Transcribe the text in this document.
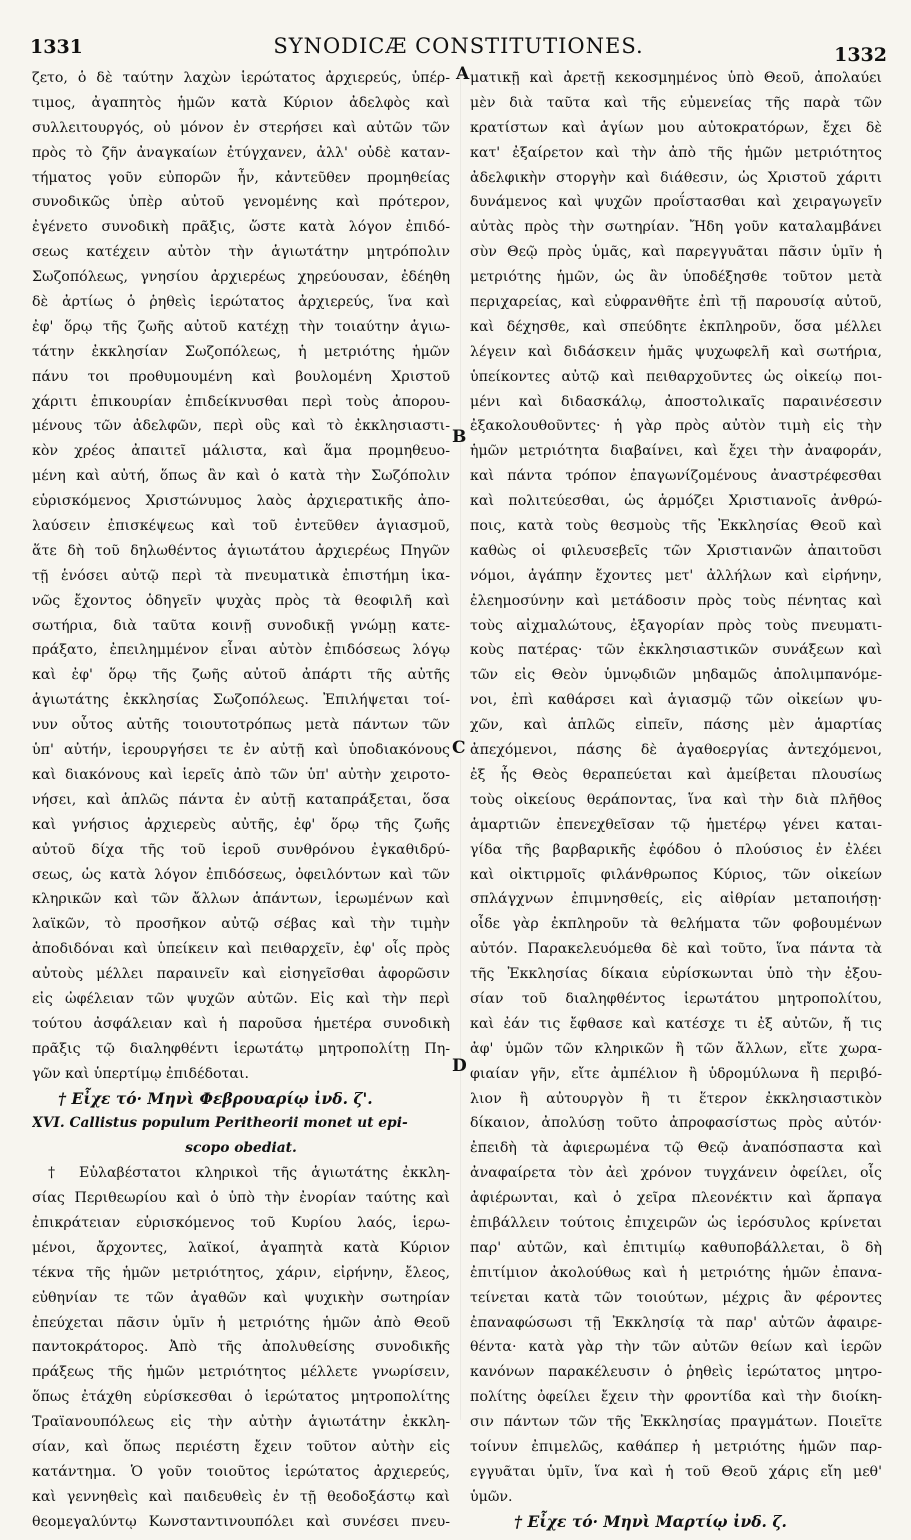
1331	SYNODICÆ CONSTITUTIONES.	1332
ζετο, ὁ δὲ ταύτην λαχὼν ἱερώτατος ἀρχιερεύς, ὑπέρ-
τιμος, ἀγαπητὸς ἡμῶν κατὰ Κύριον ἀδελφὸς καὶ
συλλειτουργός, οὐ μόνον ἐν στερήσει καὶ αὐτῶν τῶν
πρὸς τὸ ζῆν ἀναγκαίων ἐτύγχανεν, ἀλλ' οὐδὲ καταν-
τήματος γοῦν εὐπορῶν ἦν, κἀντεῦθεν προμηθείας
συνοδικῶς ὑπὲρ αὐτοῦ γενομένης καὶ πρότερον,
ἐγένετο συνοδικὴ πρᾶξις, ὥστε κατὰ λόγον ἐπιδό-
σεως κατέχειν αὐτὸν τὴν ἁγιωτάτην μητρόπολιν
Σωζοπόλεως, γνησίου ἀρχιερέως χηρεύουσαν, ἐδέηθη
δὲ ἀρτίως ὁ ῥηθεὶς ἱερώτατος ἀρχιερεύς, ἵνα καὶ
ἐφ' ὅρῳ τῆς ζωῆς αὐτοῦ κατέχῃ τὴν τοιαύτην ἁγιω-
τάτην ἐκκλησίαν Σωζοπόλεως, ἡ μετριότης ἡμῶν
πάνυ τοι προθυμουμένη καὶ βουλομένη Χριστοῦ
χάριτι ἐπικουρίαν ἐπιδείκνυσθαι περὶ τοὺς ἀπορου-
μένους τῶν ἀδελφῶν, περὶ οὓς καὶ τὸ ἐκκλησιαστι-
κὸν χρέος ἀπαιτεῖ μάλιστα, καὶ ἅμα προμηθευο-
μένη καὶ αὐτή, ὅπως ἂν καὶ ὁ κατὰ τὴν Σωζόπολιν
εὑρισκόμενος Χριστώνυμος λαὸς ἀρχιερατικῆς ἀπο-
λαύσειν ἐπισκέψεως καὶ τοῦ ἐντεῦθεν ἁγιασμοῦ,
ἅτε δὴ τοῦ δηλωθέντος ἁγιωτάτου ἀρχιερέως Πηγῶν
τῇ ἑνόσει αὐτῷ περὶ τὰ πνευματικὰ ἐπιστήμη ἱκα-
νῶς ἔχοντος ὁδηγεῖν ψυχὰς πρὸς τὰ θεοφιλῆ καὶ
σωτήρια, διὰ ταῦτα κοινῇ συνοδικῇ γνώμῃ κατε-
πράξατο, ἐπειλημμένον εἶναι αὐτὸν ἐπιδόσεως λόγῳ
καὶ ἐφ' ὅρῳ τῆς ζωῆς αὐτοῦ ἀπάρτι τῆς αὐτῆς
ἁγιωτάτης ἐκκλησίας Σωζοπόλεως. Ἐπιλήψεται τοί-
νυν οὗτος αὐτῆς τοιουτοτρόπως μετὰ πάντων τῶν
ὑπ' αὐτήν, ἱερουργήσει τε ἐν αὐτῇ καὶ ὑποδιακόνους
καὶ διακόνους καὶ ἱερεῖς ἀπὸ τῶν ὑπ' αὐτὴν χειροτο-
νήσει, καὶ ἁπλῶς πάντα ἐν αὐτῇ καταπράξεται, ὅσα
καὶ γνήσιος ἀρχιερεὺς αὐτῆς, ἐφ' ὅρῳ τῆς ζωῆς
αὐτοῦ δίχα τῆς τοῦ ἱεροῦ συνθρόνου ἐγκαθιδρύ-
σεως, ὡς κατὰ λόγον ἐπιδόσεως, ὀφειλόντων καὶ τῶν
κληρικῶν καὶ τῶν ἄλλων ἁπάντων, ἱερωμένων καὶ
λαϊκῶν, τὸ προσῆκον αὐτῷ σέβας καὶ τὴν τιμὴν
ἀποδιδόναι καὶ ὑπείκειν καὶ πειθαρχεῖν, ἐφ' οἷς πρὸς
αὐτοὺς μέλλει παραινεῖν καὶ εἰσηγεῖσθαι ἀφορῶσιν
εἰς ὠφέλειαν τῶν ψυχῶν αὐτῶν. Εἰς καὶ τὴν περὶ
τούτου ἀσφάλειαν καὶ ἡ παροῦσα ἡμετέρα συνοδικὴ
πρᾶξις τῷ διαληφθέντι ἱερωτάτῳ μητροπολίτῃ Πη-
γῶν καὶ ὑπερτίμῳ ἐπιδέδοται.
† Εἶχε τό· Μηνὶ Φεβρουαρίῳ ἰνδ. ζ'.
XVI. Callistus populum Peritheorii monet ut epi-
scopo obediat.
† Εὐλαβέστατοι κληρικοὶ τῆς ἁγιωτάτης ἐκκλη-
σίας Περιθεωρίου καὶ ὁ ὑπὸ τὴν ἐνορίαν ταύτης καὶ
ἐπικράτειαν εὑρισκόμενος τοῦ Κυρίου λαός, ἱερω-
μένοι, ἄρχοντες, λαϊκοί, ἀγαπητὰ κατὰ Κύριον
τέκνα τῆς ἡμῶν μετριότητος, χάριν, εἰρήνην, ἔλεος,
εὐθηνίαν τε τῶν ἀγαθῶν καὶ ψυχικὴν σωτηρίαν
ἐπεύχεται πᾶσιν ὑμῖν ἡ μετριότης ἡμῶν ἀπὸ Θεοῦ
παντοκράτορος. Ἀπὸ τῆς ἀπολυθείσης συνοδικῆς
πράξεως τῆς ἡμῶν μετριότητος μέλλετε γνωρίσειν,
ὅπως ἐτάχθη εὑρίσκεσθαι ὁ ἱερώτατος μητροπολίτης
Τραϊανουπόλεως εἰς τὴν αὐτὴν ἁγιωτάτην ἐκκλη-
σίαν, καὶ ὅπως περιέστη ἔχειν τοῦτον αὐτὴν εἰς
κατάντημα. Ὁ γοῦν τοιοῦτος ἱερώτατος ἀρχιερεύς,
καὶ γεννηθεὶς καὶ παιδευθεὶς ἐν τῇ θεοδοξάστῳ καὶ
θεομεγαλύντῳ Κωνσταντινουπόλει καὶ συνέσει πνευ-
ματικῇ καὶ ἀρετῇ κεκοσμημένος ὑπὸ Θεοῦ, ἀπολαύει
μὲν διὰ ταῦτα καὶ τῆς εὐμενείας τῆς παρὰ τῶν
κρατίστων καὶ ἁγίων μου αὐτοκρατόρων, ἔχει δὲ
κατ' ἐξαίρετον καὶ τὴν ἀπὸ τῆς ἡμῶν μετριότητος
ἀδελφικὴν στοργὴν καὶ διάθεσιν, ὡς Χριστοῦ χάριτι
δυνάμενος καὶ ψυχῶν προΐστασθαι καὶ χειραγωγεῖν
αὐτὰς πρὸς τὴν σωτηρίαν. Ἤδη γοῦν καταλαμβάνει
σὺν Θεῷ πρὸς ὑμᾶς, καὶ παρεγγυᾶται πᾶσιν ὑμῖν ἡ
μετριότης ἡμῶν, ὡς ἂν ὑποδέξησθε τοῦτον μετὰ
περιχαρείας, καὶ εὐφρανθῆτε ἐπὶ τῇ παρουσίᾳ αὐτοῦ,
καὶ δέχησθε, καὶ σπεύδητε ἐκπληροῦν, ὅσα μέλλει
λέγειν καὶ διδάσκειν ἡμᾶς ψυχωφελῆ καὶ σωτήρια,
ὑπείκοντες αὐτῷ καὶ πειθαρχοῦντες ὡς οἰκείῳ ποι-
μένι καὶ διδασκάλῳ, ἀποστολικαῖς παραινέσεσιν
ἐξακολουθοῦντες· ἡ γὰρ πρὸς αὐτὸν τιμὴ εἰς τὴν
ἡμῶν μετριότητα διαβαίνει, καὶ ἔχει τὴν ἀναφοράν,
καὶ πάντα τρόπον ἐπαγωνίζομένους ἀναστρέφεσθαι
καὶ πολιτεύεσθαι, ὡς ἁρμόζει Χριστιανοῖς ἀνθρώ-
ποις, κατὰ τοὺς θεσμοὺς τῆς Ἐκκλησίας Θεοῦ καὶ
καθὼς οἱ φιλευσεβεῖς τῶν Χριστιανῶν ἀπαιτοῦσι
νόμοι, ἀγάπην ἔχοντες μετ' ἀλλήλων καὶ εἰρήνην,
ἐλεημοσύνην καὶ μετάδοσιν πρὸς τοὺς πένητας καὶ
τοὺς αἰχμαλώτους, ἐξαγορίαν πρὸς τοὺς πνευματι-
κοὺς πατέρας· τῶν ἐκκλησιαστικῶν συνάξεων καὶ
τῶν εἰς Θεὸν ὑμνῳδιῶν μηδαμῶς ἀπολιμπανόμε-
νοι, ἐπὶ καθάρσει καὶ ἁγιασμῷ τῶν οἰκείων ψυ-
χῶν, καὶ ἁπλῶς εἰπεῖν, πάσης μὲν ἁμαρτίας
ἀπεχόμενοι, πάσης δὲ ἀγαθοεργίας ἀντεχόμενοι,
ἐξ ἧς Θεὸς θεραπεύεται καὶ ἀμείβεται πλουσίως
τοὺς οἰκείους θεράποντας, ἵνα καὶ τὴν διὰ πλῆθος
ἁμαρτιῶν ἐπενεχθεῖσαν τῷ ἡμετέρῳ γένει καται-
γίδα τῆς βαρβαρικῆς ἐφόδου ὁ πλούσιος ἐν ἐλέει
καὶ οἰκτιρμοῖς φιλάνθρωπος Κύριος, τῶν οἰκείων
σπλάγχνων ἐπιμνησθείς, εἰς αἰθρίαν μεταποιήσῃ·
οἶδε γὰρ ἐκπληροῦν τὰ θελήματα τῶν φοβουμένων
αὐτόν. Παρακελευόμεθα δὲ καὶ τοῦτο, ἵνα πάντα τὰ
τῆς Ἐκκλησίας δίκαια εὑρίσκωνται ὑπὸ τὴν ἐξου-
σίαν τοῦ διαληφθέντος ἱερωτάτου μητροπολίτου,
καὶ ἐάν τις ἔφθασε καὶ κατέσχε τι ἐξ αὐτῶν, ἤ τις
ἀφ' ὑμῶν τῶν κληρικῶν ἢ τῶν ἄλλων, εἴτε χωρα-
φιαίαν γῆν, εἴτε ἀμπέλιον ἢ ὑδρομύλωνα ἢ περιβό-
λιον ἢ αὐτουργὸν ἢ τι ἕτερον ἐκκλησιαστικὸν
δίκαιον, ἀπολύσῃ τοῦτο ἀπροφασίστως πρὸς αὐτόν·
ἐπειδὴ τὰ ἀφιερωμένα τῷ Θεῷ ἀναπόσπαστα καὶ
ἀναφαίρετα τὸν ἀεὶ χρόνον τυγχάνειν ὀφείλει, οἷς
ἀφιέρωνται, καὶ ὁ χεῖρα πλεονέκτιν καὶ ἅρπαγα
ἐπιβάλλειν τούτοις ἐπιχειρῶν ὡς ἱερόσυλος κρίνεται
παρ' αὐτῶν, καὶ ἐπιτιμίῳ καθυποβάλλεται, ὃ δὴ
ἐπιτίμιον ἀκολούθως καὶ ἡ μετριότης ἡμῶν ἐπανα-
τείνεται κατὰ τῶν τοιούτων, μέχρις ἂν φέροντες
ἐπαναφώσωσι τῇ Ἐκκλησίᾳ τὰ παρ' αὐτῶν ἀφαιρε-
θέντα· κατὰ γὰρ τὴν τῶν αὐτῶν θείων καὶ ἱερῶν
κανόνων παρακέλευσιν ὁ ῥηθεὶς ἱερώτατος μητρο-
πολίτης ὀφείλει ἔχειν τὴν φροντίδα καὶ τὴν διοίκη-
σιν πάντων τῶν τῆς Ἐκκλησίας πραγμάτων. Ποιεῖτε
τοίνυν ἐπιμελῶς, καθάπερ ἡ μετριότης ἡμῶν παρ-
εγγυᾶται ὑμῖν, ἵνα καὶ ἡ τοῦ Θεοῦ χάρις εἴη μεθ'
ὑμῶν.
† Εἶχε τό· Μηνὶ Μαρτίῳ ἰνδ. ζ.
A
B
C
D
